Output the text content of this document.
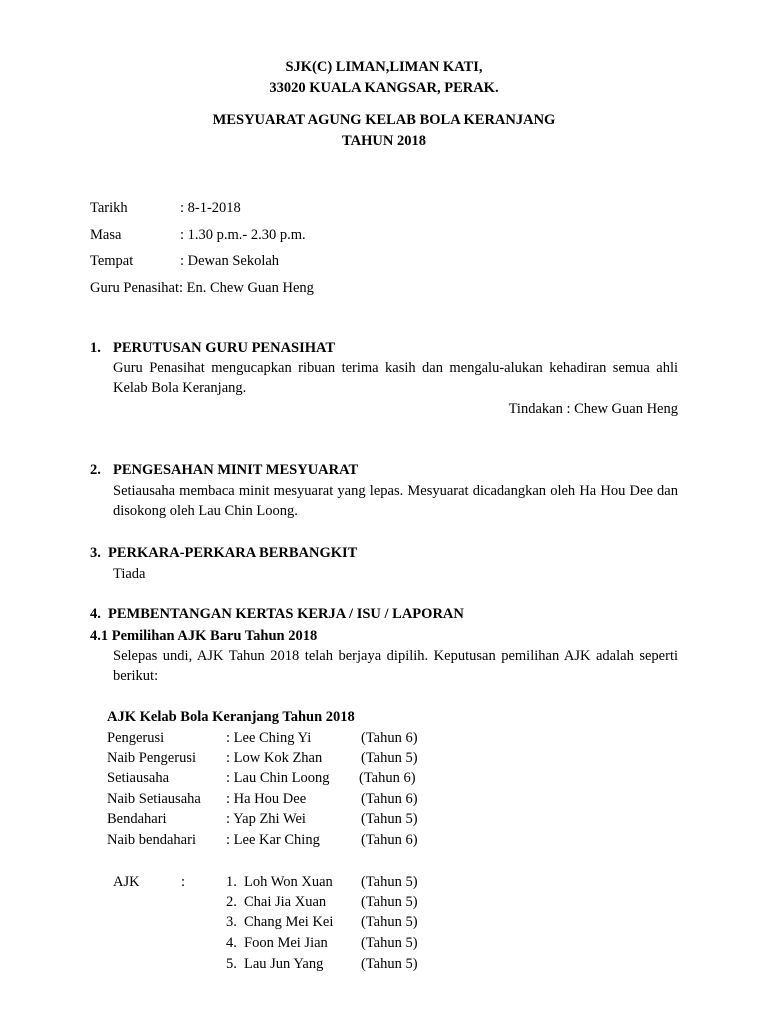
SJK(C) LIMAN,LIMAN KATI,
33020 KUALA KANGSAR, PERAK.
MESYUARAT AGUNG KELAB BOLA KERANJANG
TAHUN 2018
Tarikh	: 8-1-2018
Masa	: 1.30 p.m.- 2.30 p.m.
Tempat	: Dewan Sekolah
Guru Penasihat: En. Chew Guan Heng
1. PERUTUSAN GURU PENASIHAT
Guru Penasihat mengucapkan ribuan terima kasih dan mengalu-alukan kehadiran semua ahli Kelab Bola Keranjang.
Tindakan : Chew Guan Heng
2. PENGESAHAN MINIT MESYUARAT
Setiausaha membaca minit mesyuarat yang lepas. Mesyuarat dicadangkan oleh Ha Hou Dee dan disokong oleh Lau Chin Loong.
3. PERKARA-PERKARA BERBANGKIT
Tiada
4. PEMBENTANGAN KERTAS KERJA / ISU / LAPORAN
4.1 Pemilihan AJK Baru Tahun 2018
Selepas undi, AJK Tahun 2018 telah berjaya dipilih. Keputusan pemilihan AJK adalah seperti berikut:
AJK Kelab Bola Keranjang Tahun 2018
Pengerusi	: Lee Ching Yi	(Tahun 6)
Naib Pengerusi : Low Kok Zhan	(Tahun 5)
Setiausaha	: Lau Chin Loong (Tahun 6)
Naib Setiausaha : Ha Hou Dee	(Tahun 6)
Bendahari	: Yap Zhi Wei	(Tahun 5)
Naib bendahari : Lee Kar Ching	(Tahun 6)
AJK	:	1. Loh Won Xuan (Tahun 5)
2. Chai Jia Xuan (Tahun 5)
3. Chang Mei Kei (Tahun 5)
4. Foon Mei Jian (Tahun 5)
5. Lau Jun Yang	(Tahun 5)
